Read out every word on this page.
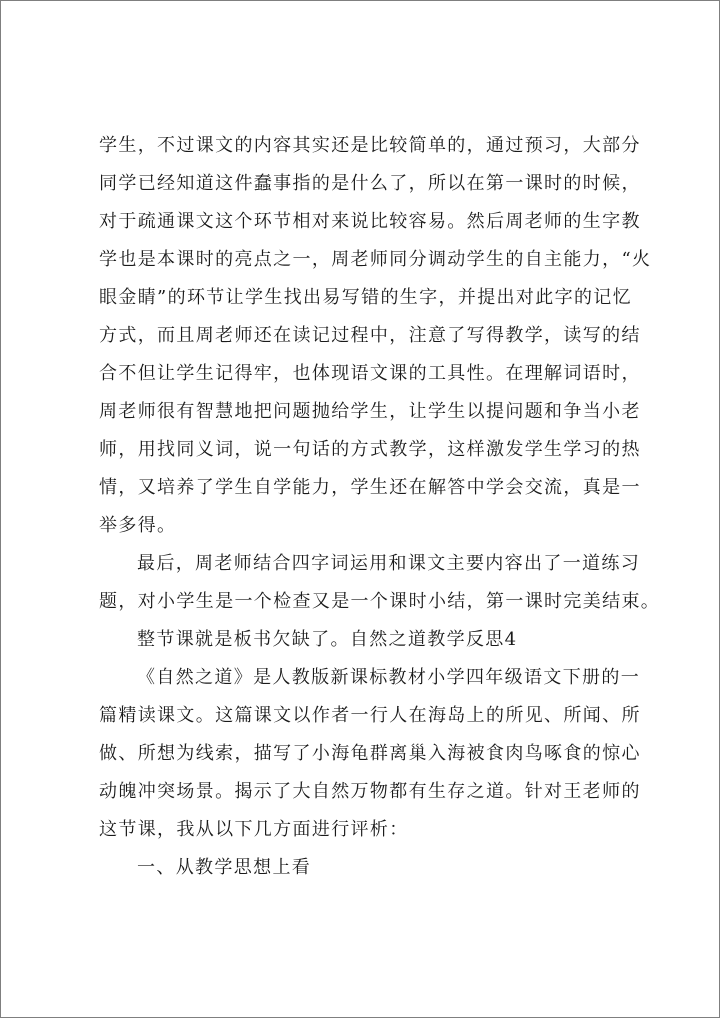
学生，不过课文的内容其实还是比较简单的，通过预习，大部分
同学已经知道这件蠢事指的是什么了，所以在第一课时的时候，
对于疏通课文这个环节相对来说比较容易。然后周老师的生字教
学也是本课时的亮点之一，周老师同分调动学生的自主能力，“火
眼金睛”的环节让学生找出易写错的生字，并提出对此字的记忆
方式，而且周老师还在读记过程中，注意了写得教学，读写的结
合不但让学生记得牢，也体现语文课的工具性。在理解词语时，
周老师很有智慧地把问题抛给学生，让学生以提问题和争当小老
师，用找同义词，说一句话的方式教学，这样激发学生学习的热
情，又培养了学生自学能力，学生还在解答中学会交流，真是一
举多得。
最后，周老师结合四字词运用和课文主要内容出了一道练习
题，对小学生是一个检查又是一个课时小结，第一课时完美结束。
整节课就是板书欠缺了。自然之道教学反思4
《自然之道》是人教版新课标教材小学四年级语文下册的一
篇精读课文。这篇课文以作者一行人在海岛上的所见、所闻、所
做、所想为线索，描写了小海龟群离巢入海被食肉鸟啄食的惊心
动魄冲突场景。揭示了大自然万物都有生存之道。针对王老师的
这节课，我从以下几方面进行评析：
一、从教学思想上看
